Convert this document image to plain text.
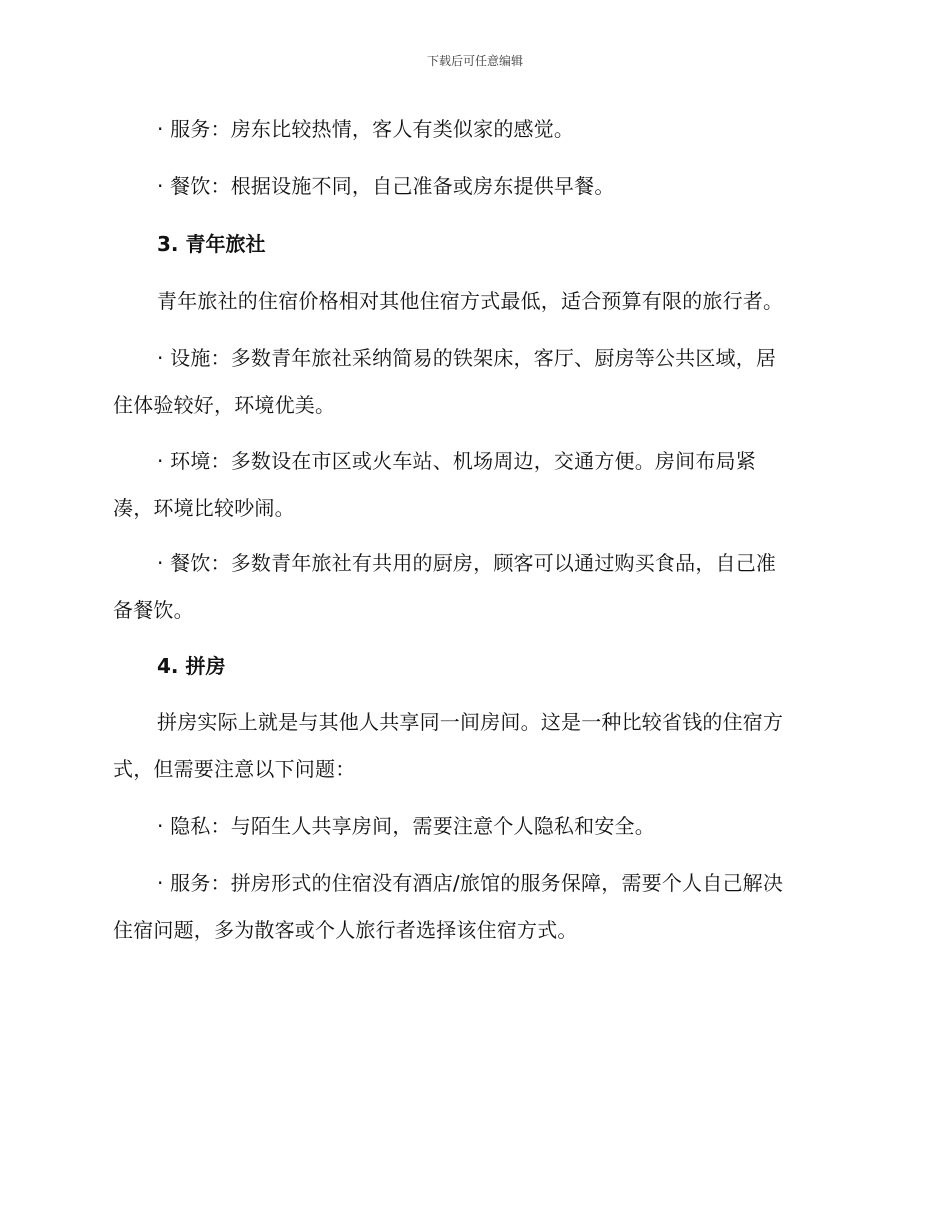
下载后可任意编辑
· 服务：房东比较热情，客人有类似家的感觉。
· 餐饮：根据设施不同，自己准备或房东提供早餐。
3. 青年旅社
青年旅社的住宿价格相对其他住宿方式最低，适合预算有限的旅行者。
· 设施：多数青年旅社采纳简易的铁架床，客厅、厨房等公共区域，居
住体验较好，环境优美。
· 环境：多数设在市区或火车站、机场周边，交通方便。房间布局紧
凑，环境比较吵闹。
· 餐饮：多数青年旅社有共用的厨房，顾客可以通过购买食品，自己准
备餐饮。
4. 拼房
拼房实际上就是与其他人共享同一间房间。这是一种比较省钱的住宿方
式，但需要注意以下问题：
· 隐私：与陌生人共享房间，需要注意个人隐私和安全。
· 服务：拼房形式的住宿没有酒店/旅馆的服务保障，需要个人自己解决
住宿问题，多为散客或个人旅行者选择该住宿方式。
